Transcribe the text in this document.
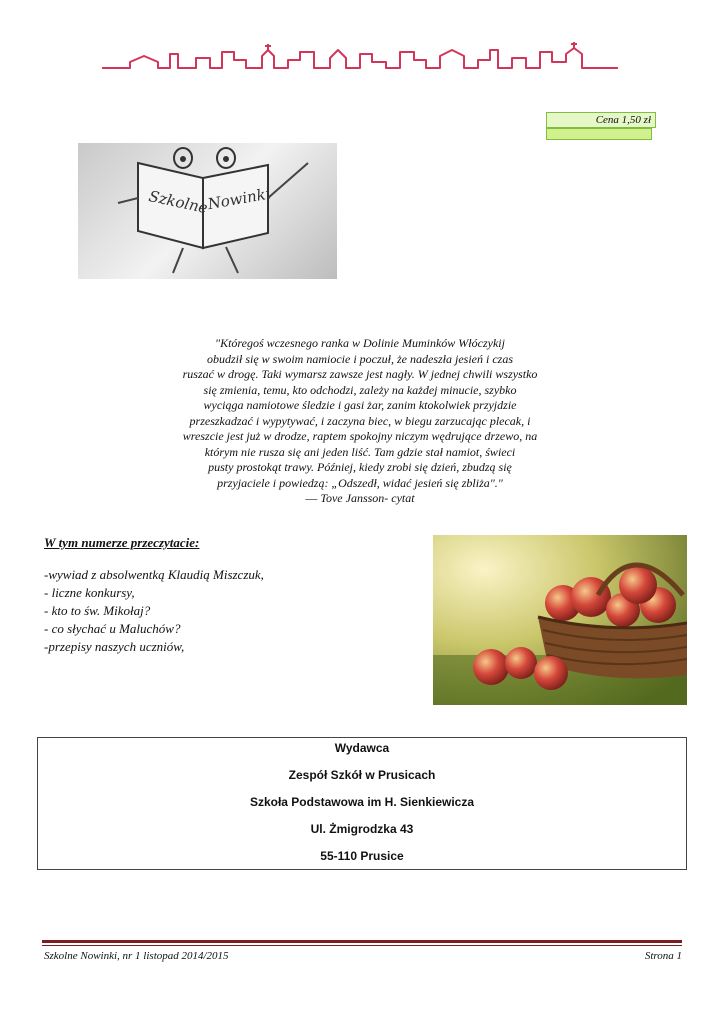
Cena 1,50 zł
Szkolne
Nowinki
"Któregoś wczesnego ranka w Dolinie Muminków Włóczykij
obudził się w swoim namiocie i poczuł, że nadeszła jesień i czas
ruszać w drogę. Taki wymarsz zawsze jest nagły. W jednej chwili wszystko
się zmienia, temu, kto odchodzi, zależy na każdej minucie, szybko
wyciąga namiotowe śledzie i gasi żar, zanim ktokolwiek przyjdzie
przeszkadzać i wypytywać, i zaczyna biec, w biegu zarzucając plecak, i
wreszcie jest już w drodze, raptem spokojny niczym wędrujące drzewo, na
którym nie rusza się ani jeden liść. Tam gdzie stał namiot, świeci
pusty prostokąt trawy. Później, kiedy zrobi się dzień, zbudzą się
przyjaciele i powiedzą: „Odszedł, widać jesień się zbliża"."
― Tove Jansson- cytat
W tym numerze przeczytacie:
-wywiad z absolwentką Klaudią Miszczuk,
- liczne konkursy,
- kto to św. Mikołaj?
- co słychać u Maluchów?
-przepisy naszych uczniów,
Wydawca
Zespół Szkół w Prusicach
Szkoła Podstawowa im H. Sienkiewicza
Ul. Żmigrodzka 43
55-110 Prusice
Szkolne Nowinki, nr 1 listopad 2014/2015	Strona 1
